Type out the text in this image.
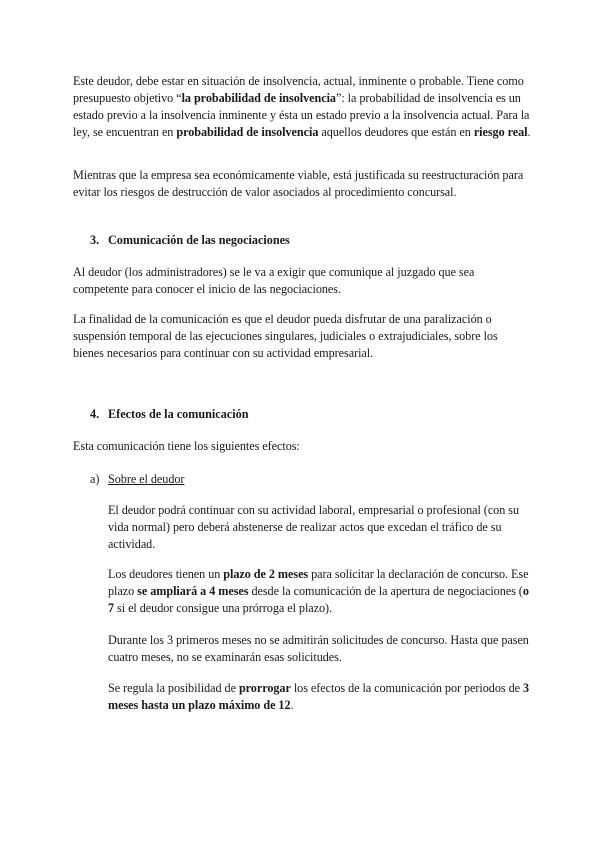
Este deudor, debe estar en situación de insolvencia, actual, inminente o probable. Tiene como presupuesto objetivo “la probabilidad de insolvencia”: la probabilidad de insolvencia es un estado previo a la insolvencia inminente y ésta un estado previo a la insolvencia actual. Para la ley, se encuentran en probabilidad de insolvencia aquellos deudores que están en riesgo real.

Mientras que la empresa sea económicamente viable, está justificada su reestructuración para evitar los riesgos de destrucción de valor asociados al procedimiento concursal.

3. Comunicación de las negociaciones

Al deudor (los administradores) se le va a exigir que comunique al juzgado que sea competente para conocer el inicio de las negociaciones.

La finalidad de la comunicación es que el deudor pueda disfrutar de una paralización o suspensión temporal de las ejecuciones singulares, judiciales o extrajudiciales, sobre los bienes necesarios para continuar con su actividad empresarial.

4. Efectos de la comunicación

Esta comunicación tiene los siguientes efectos:

a) Sobre el deudor

El deudor podrá continuar con su actividad laboral, empresarial o profesional (con su vida normal) pero deberá abstenerse de realizar actos que excedan el tráfico de su actividad.

Los deudores tienen un plazo de 2 meses para solicitar la declaración de concurso. Ese plazo se ampliará a 4 meses desde la comunicación de la apertura de negociaciones (o 7 si el deudor consigue una prórroga el plazo).

Durante los 3 primeros meses no se admitirán solicitudes de concurso. Hasta que pasen cuatro meses, no se examinarán esas solicitudes.

Se regula la posibilidad de prorrogar los efectos de la comunicación por periodos de 3 meses hasta un plazo máximo de 12.
